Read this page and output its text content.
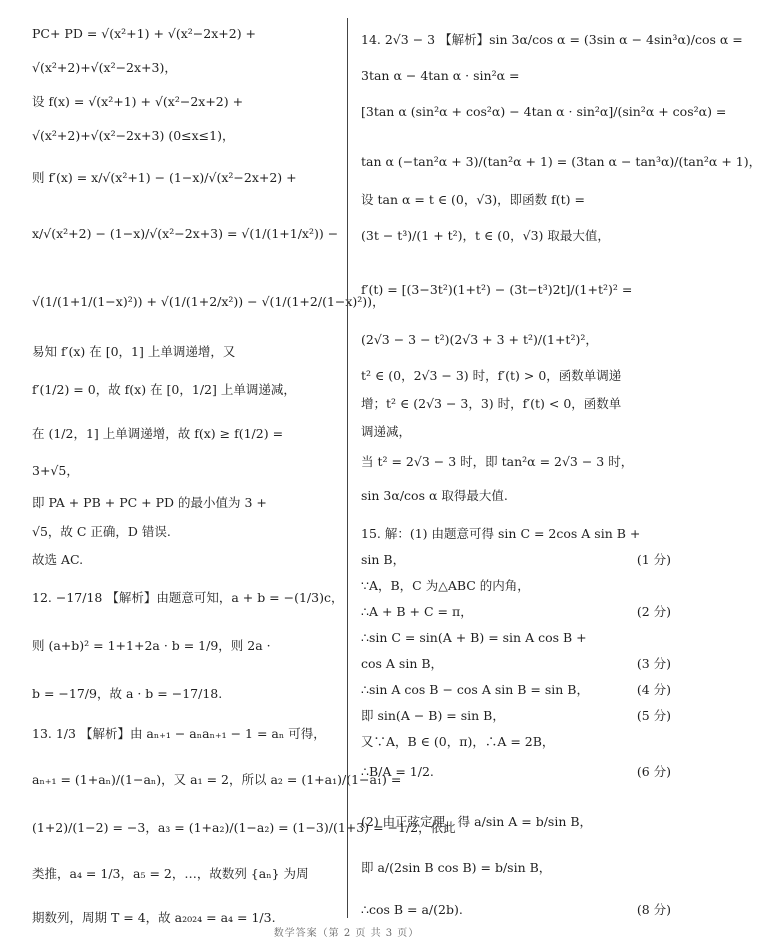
PC+ PD = √(x²+1) + √(x²−2x+2) +
√(x²+2)+√(x²−2x+3)，
设 f(x) = √(x²+1) + √(x²−2x+2) +
√(x²+2)+√(x²−2x+3) (0≤x≤1)，
则 f′(x) = x/√(x²+1) − (1−x)/√(x²−2x+2) +
x/√(x²+2) − (1−x)/√(x²−2x+3) = √(1/(1+1/x²)) −
√(1/(1+1/(1−x)²)) + √(1/(1+2/x²)) − √(1/(1+2/(1−x)²))，
易知 f′(x) 在 [0，1] 上单调递增，又
f′(1/2) = 0，故 f(x) 在 [0，1/2] 上单调递减，
在 (1/2，1] 上单调递增，故 f(x) ≥ f(1/2) =
3+√5，
即 PA + PB + PC + PD 的最小值为 3 +
√5，故 C 正确，D 错误.
故选 AC.
12. −17/18 【解析】由题意可知，a + b = −(1/3)c，
则 (a+b)² = 1+1+2a · b = 1/9，则 2a ·
b = −17/9，故 a · b = −17/18.
13. 1/3 【解析】由 aₙ₊₁ − aₙaₙ₊₁ − 1 = aₙ 可得，
aₙ₊₁ = (1+aₙ)/(1−aₙ)，又 a₁ = 2，所以 a₂ = (1+a₁)/(1−a₁) =
(1+2)/(1−2) = −3，a₃ = (1+a₂)/(1−a₂) = (1−3)/(1+3) = −1/2，依此
类推，a₄ = 1/3，a₅ = 2，…，故数列 {aₙ} 为周
期数列，周期 T = 4，故 a₂₀₂₄ = a₄ = 1/3.
14. 2√3 − 3 【解析】sin 3α/cos α = (3sin α − 4sin³α)/cos α =
3tan α − 4tan α · sin²α =
[3tan α (sin²α + cos²α) − 4tan α · sin²α]/(sin²α + cos²α) =
tan α (−tan²α + 3)/(tan²α + 1) = (3tan α − tan³α)/(tan²α + 1)，
设 tan α = t ∈ (0，√3)，即函数 f(t) =
(3t − t³)/(1 + t²)，t ∈ (0，√3) 取最大值，
f′(t) = [(3−3t²)(1+t²) − (3t−t³)2t]/(1+t²)² =
(2√3 − 3 − t²)(2√3 + 3 + t²)/(1+t²)²，
t² ∈ (0，2√3 − 3) 时，f′(t) > 0，函数单调递
增；t² ∈ (2√3 − 3，3) 时，f′(t) < 0，函数单
调递减，
当 t² = 2√3 − 3 时，即 tan²α = 2√3 − 3 时，
sin 3α/cos α 取得最大值.
15. 解：(1) 由题意可得 sin C = 2cos A sin B +
sin B，
∵A，B，C 为△ABC 的内角，
∴A + B + C = π，
∴sin C = sin(A + B) = sin A cos B +
cos A sin B，
∴sin A cos B − cos A sin B = sin B，
即 sin(A − B) = sin B，
又∵A，B ∈ (0，π)，∴A = 2B，
∴B/A = 1/2.
(2) 由正弦定理，得 a/sin A = b/sin B，
即 a/(2sin B cos B) = b/sin B，
∴cos B = a/(2b).
(1 分)
(2 分)
(3 分)
(4 分)
(5 分)
(6 分)
(8 分)
数学答案（第 2 页 共 3 页）
